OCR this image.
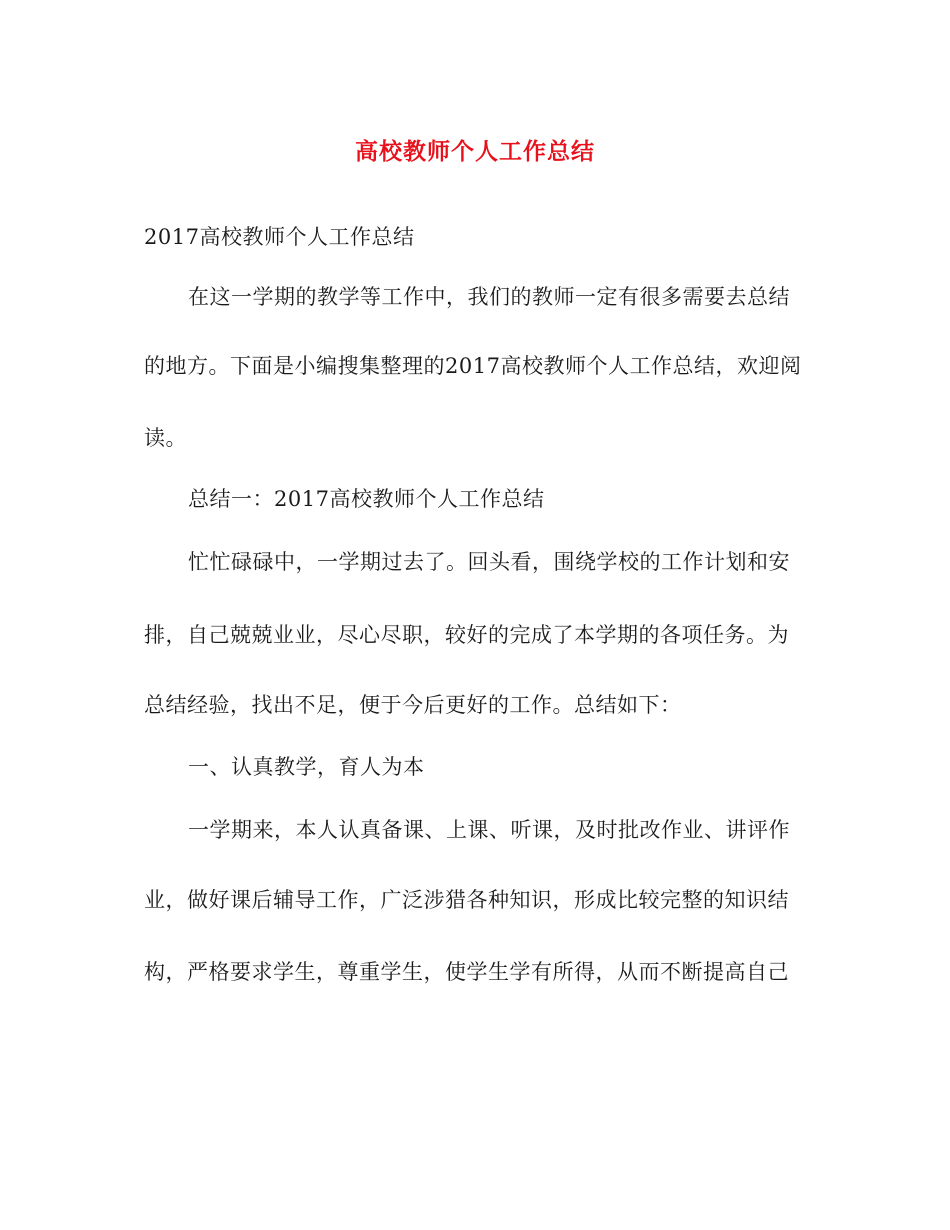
高校教师个人工作总结
2017高校教师个人工作总结
在这一学期的教学等工作中，我们的教师一定有很多需要去总结
的地方。下面是小编搜集整理的2017高校教师个人工作总结，欢迎阅
读。
总结一：2017高校教师个人工作总结
忙忙碌碌中，一学期过去了。回头看，围绕学校的工作计划和安
排，自己兢兢业业，尽心尽职，较好的完成了本学期的各项任务。为
总结经验，找出不足，便于今后更好的工作。总结如下：
一、认真教学，育人为本
一学期来，本人认真备课、上课、听课，及时批改作业、讲评作
业，做好课后辅导工作，广泛涉猎各种知识，形成比较完整的知识结
构，严格要求学生，尊重学生，使学生学有所得，从而不断提高自己
